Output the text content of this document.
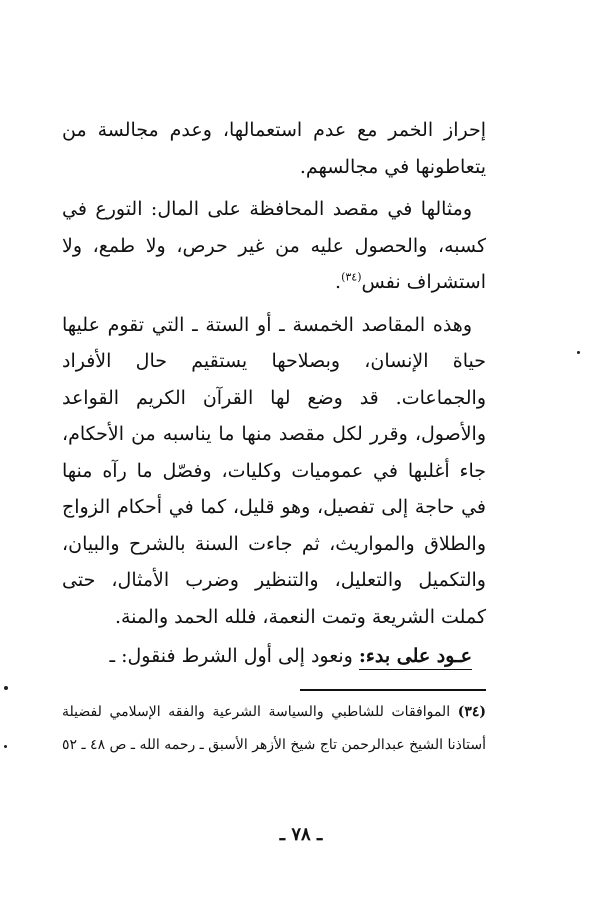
إحراز الخمر مع عدم استعمالها، وعدم مجالسة من يتعاطونها في مجالسهم.

ومثالها في مقصد المحافظة على المال: التورع في كسبه، والحصول عليه من غير حرص، ولا طمع، ولا استشراف نفس$^{(٣٤)}$.

وهذه المقاصد الخمسة ـ أو الستة ـ التي تقوم عليها حياة الإنسان، وبصلاحها يستقيم حال الأفراد والجماعات. قد وضع لها القرآن الكريم القواعد والأصول، وقرر لكل مقصد منها ما يناسبه من الأحكام، جاء أغلبها في عموميات وكليات، وفصّل ما رآه منها في حاجة إلى تفصيل، وهو قليل، كما في أحكام الزواج والطلاق والمواريث، ثم جاءت السنة بالشرح والبيان، والتكميل والتعليل، والتنظير وضرب الأمثال، حتى كملت الشريعة وتمت النعمة، فلله الحمد والمنة.

عـود على بدء: ونعود إلى أول الشرط فنقول: ـ

(٣٤) الموافقات للشاطبي والسياسة الشرعية والفقه الإسلامي لفضيلة أستاذنا الشيخ عبدالرحمن تاج شيخ الأزهر الأسبق ـ رحمه الله ـ ص ٤٨ ـ ٥٢
ـ ٧٨ ـ
